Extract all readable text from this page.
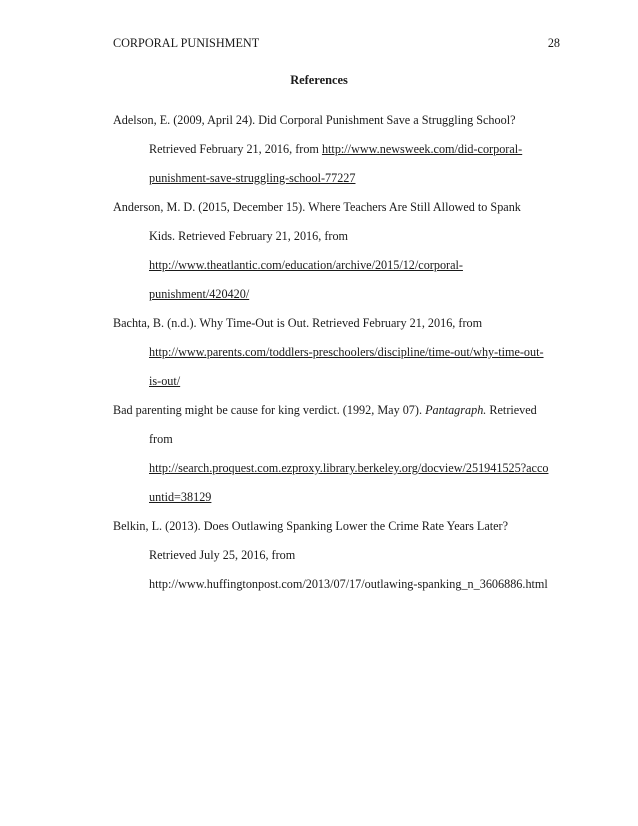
CORPORAL PUNISHMENT	28
References
Adelson, E. (2009, April 24). Did Corporal Punishment Save a Struggling School?
Retrieved February 21, 2016, from http://www.newsweek.com/did-corporal-
punishment-save-struggling-school-77227
Anderson, M. D. (2015, December 15). Where Teachers Are Still Allowed to Spank
Kids. Retrieved February 21, 2016, from
http://www.theatlantic.com/education/archive/2015/12/corporal-
punishment/420420/
Bachta, B. (n.d.). Why Time-Out is Out. Retrieved February 21, 2016, from
http://www.parents.com/toddlers-preschoolers/discipline/time-out/why-time-out-
is-out/
Bad parenting might be cause for king verdict. (1992, May 07). Pantagraph. Retrieved
from
http://search.proquest.com.ezproxy.library.berkeley.org/docview/251941525?acco
untid=38129
Belkin, L. (2013). Does Outlawing Spanking Lower the Crime Rate Years Later?
Retrieved July 25, 2016, from
http://www.huffingtonpost.com/2013/07/17/outlawing-spanking_n_3606886.html
